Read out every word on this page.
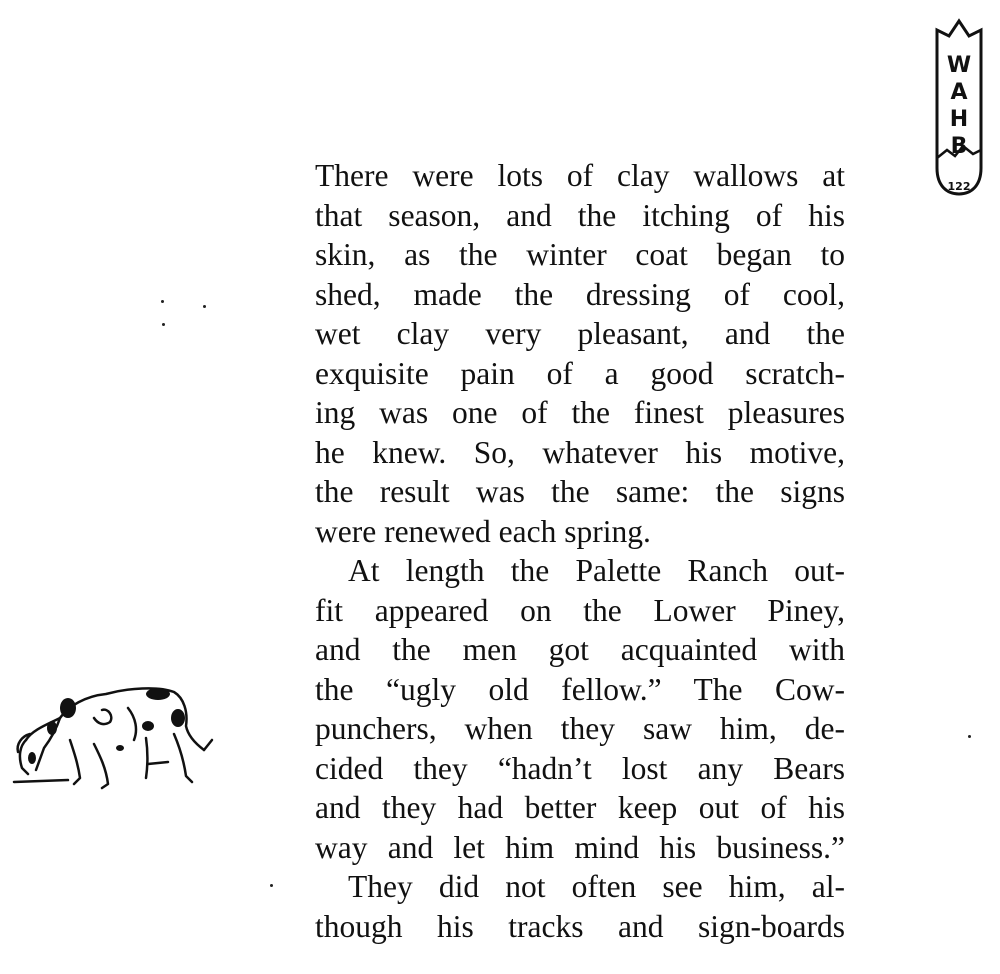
W
A
H
B
122
There were lots of clay wallows at
that season, and the itching of his
skin, as the winter coat began to
shed, made the dressing of cool,
wet clay very pleasant, and the
exquisite pain of a good scratch-
ing was one of the finest pleasures
he knew. So, whatever his motive,
the result was the same: the signs
were renewed each spring.
At length the Palette Ranch out-
fit appeared on the Lower Piney,
and the men got acquainted with
the “ugly old fellow.” The Cow-
punchers, when they saw him, de-
cided they “hadn’t lost any Bears
and they had better keep out of his
way and let him mind his business.”
They did not often see him, al-
though his tracks and sign-boards
